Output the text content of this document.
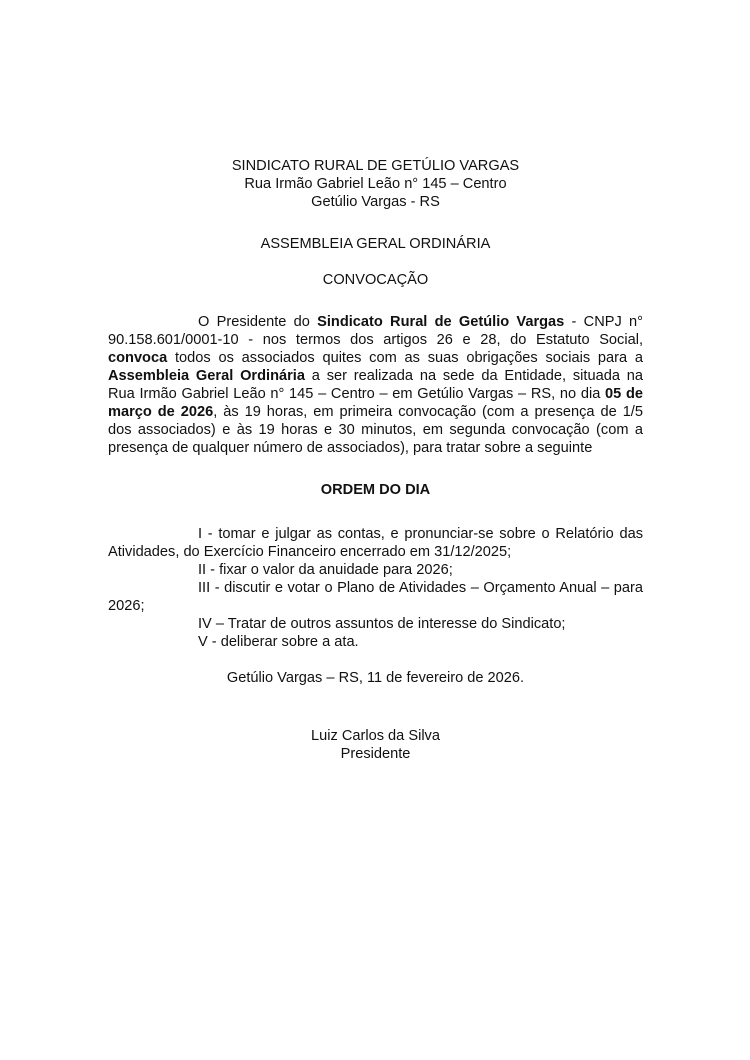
SINDICATO RURAL DE GETÚLIO VARGAS
Rua Irmão Gabriel Leão n° 145 – Centro
Getúlio Vargas - RS
ASSEMBLEIA GERAL ORDINÁRIA
CONVOCAÇÃO

O Presidente do Sindicato Rural de Getúlio Vargas - CNPJ n° 90.158.601/0001-10 - nos termos dos artigos 26 e 28, do Estatuto Social, convoca todos os associados quites com as suas obrigações sociais para a Assembleia Geral Ordinária a ser realizada na sede da Entidade, situada na Rua Irmão Gabriel Leão n° 145 – Centro – em Getúlio Vargas – RS, no dia 05 de março de 2026, às 19 horas, em primeira convocação (com a presença de 1/5 dos associados) e às 19 horas e 30 minutos, em segunda convocação (com a presença de qualquer número de associados), para tratar sobre a seguinte

ORDEM DO DIA
I - tomar e julgar as contas, e pronunciar-se sobre o Relatório das Atividades, do Exercício Financeiro encerrado em 31/12/2025;
II - fixar o valor da anuidade para 2026;
III - discutir e votar o Plano de Atividades – Orçamento Anual – para 2026;
IV – Tratar de outros assuntos de interesse do Sindicato;
V - deliberar sobre a ata.
Getúlio Vargas – RS, 11 de fevereiro de 2026.
Luiz Carlos da Silva
Presidente
